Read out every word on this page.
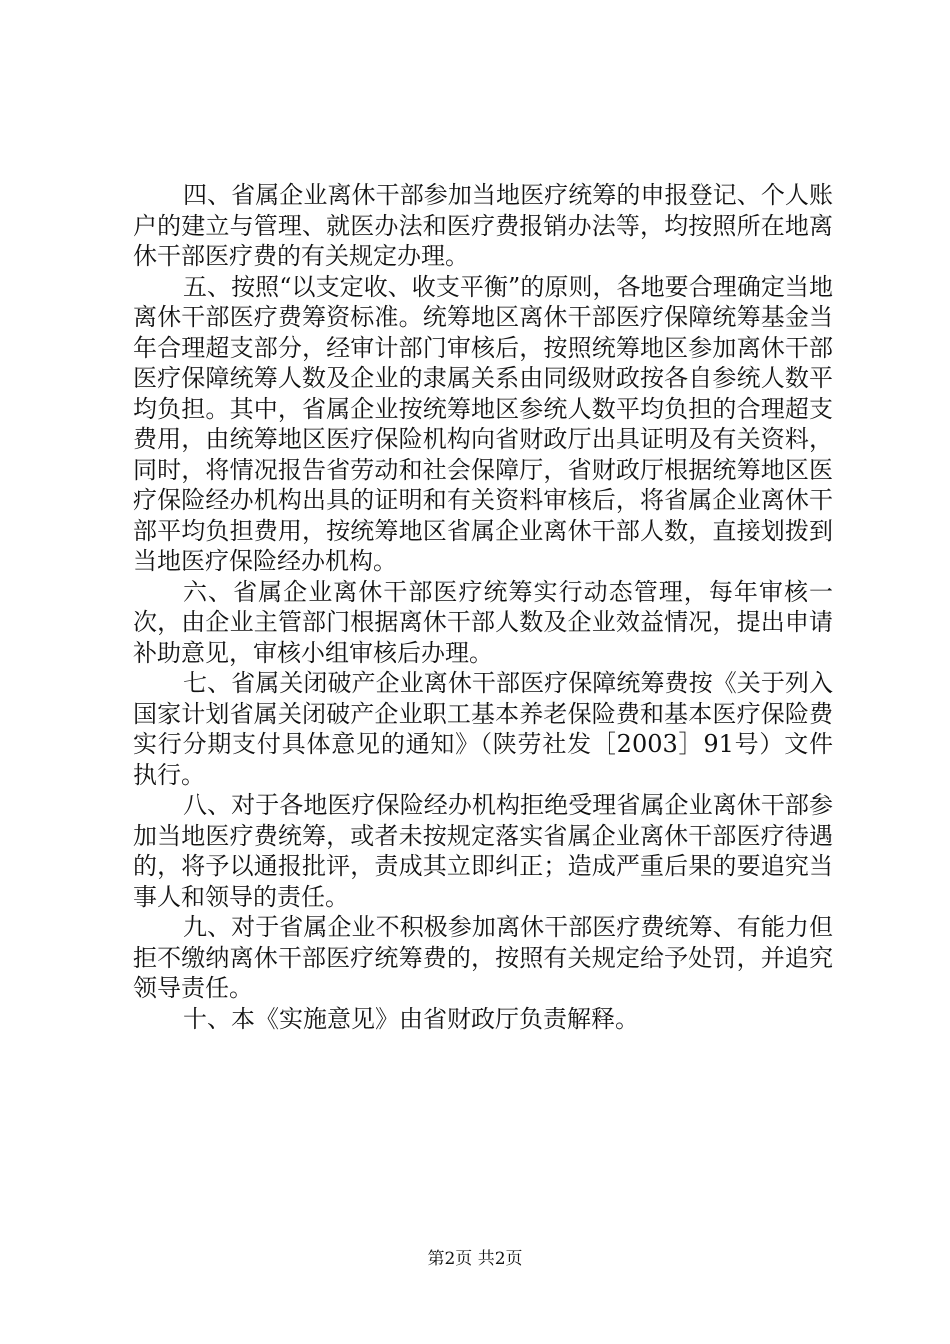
四、省属企业离休干部参加当地医疗统筹的申报登记、个人账户的建立与管理、就医办法和医疗费报销办法等，均按照所在地离休干部医疗费的有关规定办理。

五、按照“以支定收、收支平衡”的原则，各地要合理确定当地离休干部医疗费筹资标准。统筹地区离休干部医疗保障统筹基金当年合理超支部分，经审计部门审核后，按照统筹地区参加离休干部医疗保障统筹人数及企业的隶属关系由同级财政按各自参统人数平均负担。其中，省属企业按统筹地区参统人数平均负担的合理超支费用，由统筹地区医疗保险机构向省财政厅出具证明及有关资料，同时，将情况报告省劳动和社会保障厅，省财政厅根据统筹地区医疗保险经办机构出具的证明和有关资料审核后，将省属企业离休干部平均负担费用，按统筹地区省属企业离休干部人数，直接划拨到当地医疗保险经办机构。

六、省属企业离休干部医疗统筹实行动态管理，每年审核一次，由企业主管部门根据离休干部人数及企业效益情况，提出申请补助意见，审核小组审核后办理。

七、省属关闭破产企业离休干部医疗保障统筹费按《关于列入国家计划省属关闭破产企业职工基本养老保险费和基本医疗保险费实行分期支付具体意见的通知》（陕劳社发［2003］91号）文件执行。

八、对于各地医疗保险经办机构拒绝受理省属企业离休干部参加当地医疗费统筹，或者未按规定落实省属企业离休干部医疗待遇的，将予以通报批评，责成其立即纠正；造成严重后果的要追究当事人和领导的责任。

九、对于省属企业不积极参加离休干部医疗费统筹、有能力但拒不缴纳离休干部医疗统筹费的，按照有关规定给予处罚，并追究领导责任。

十、本《实施意见》由省财政厅负责解释。

第2页 共2页
